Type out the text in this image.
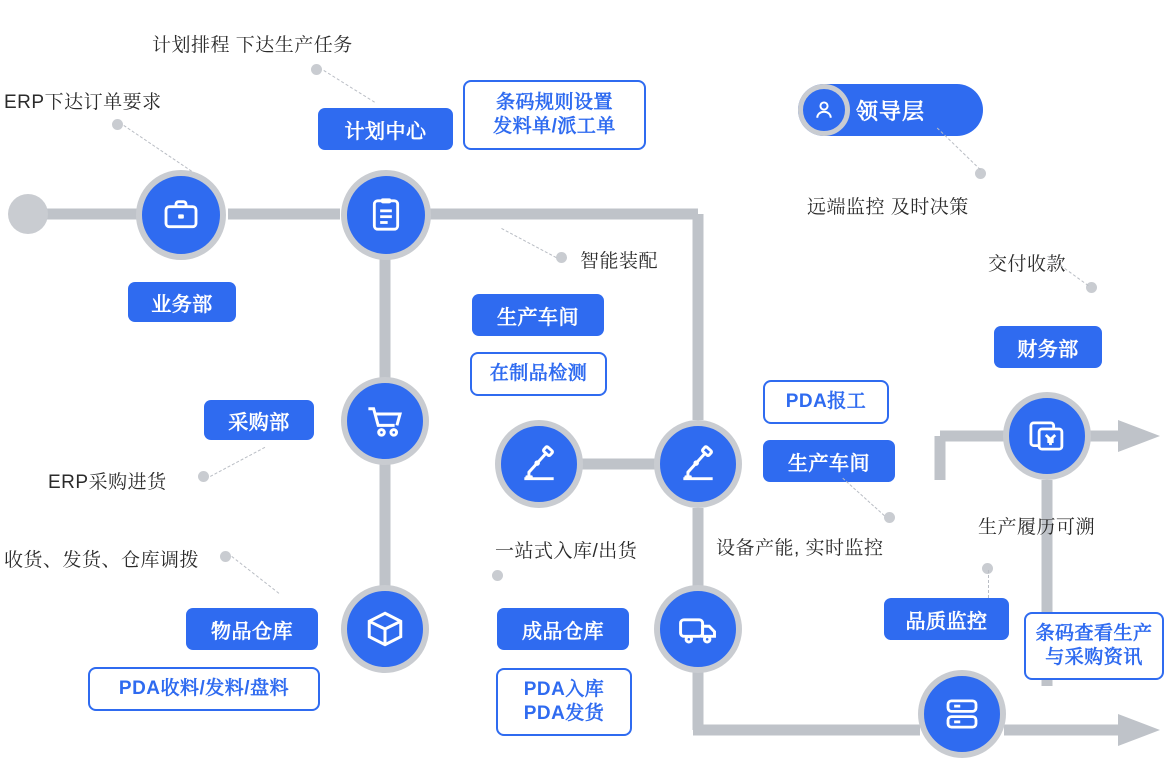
领导层
业务部
计划中心
采购部
物品仓库
生产车间
成品仓库
生产车间
财务部
品质监控
条码规则设置
发料单/派工单
在制品检测
PDA收料/发料/盘料	PDA入库
PDA发货
PDA报工
条码查看生产
与采购资讯
计划排程 下达生产任务
ERP下达订单要求
智能装配
远端监控 及时决策
交付收款
ERP采购进货
收货、发货、仓库调拨	一站式入库/出货	设备产能, 实时监控
生产履历可溯
